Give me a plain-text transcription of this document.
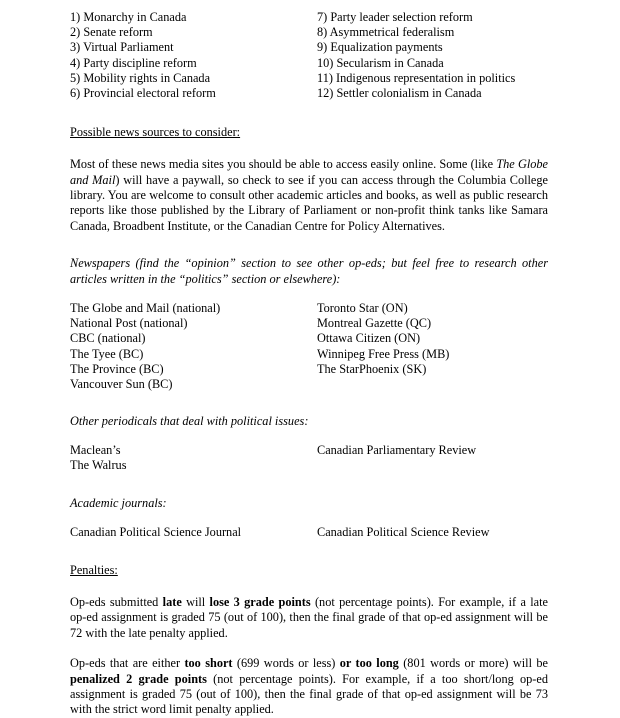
1) Monarchy in Canada
2) Senate reform
3) Virtual Parliament
4) Party discipline reform
5) Mobility rights in Canada
6) Provincial electoral reform
7) Party leader selection reform
8) Asymmetrical federalism
9) Equalization payments
10) Secularism in Canada
11) Indigenous representation in politics
12) Settler colonialism in Canada
Possible news sources to consider:

Most of these news media sites you should be able to access easily online. Some (like The Globe and Mail) will have a paywall, so check to see if you can access through the Columbia College library. You are welcome to consult other academic articles and books, as well as public research reports like those published by the Library of Parliament or non-profit think tanks like Samara Canada, Broadbent Institute, or the Canadian Centre for Policy Alternatives.

Newspapers (find the “opinion” section to see other op-eds; but feel free to research other articles written in the “politics” section or elsewhere):

The Globe and Mail (national)
National Post (national)
CBC (national)
The Tyee (BC)
The Province (BC)
Vancouver Sun (BC)
Toronto Star (ON)
Montreal Gazette (QC)
Ottawa Citizen (ON)
Winnipeg Free Press (MB)
The StarPhoenix (SK)
Other periodicals that deal with political issues:
Maclean’s
The Walrus
Canadian Parliamentary Review
Academic journals:
Canadian Political Science Journal	Canadian Political Science Review
Penalties:

Op-eds submitted late will lose 3 grade points (not percentage points). For example, if a late op-ed assignment is graded 75 (out of 100), then the final grade of that op-ed assignment will be 72 with the late penalty applied.

Op-eds that are either too short (699 words or less) or too long (801 words or more) will be penalized 2 grade points (not percentage points). For example, if a too short/long op-ed assignment is graded 75 (out of 100), then the final grade of that op-ed assignment will be 73 with the strict word limit penalty applied.
